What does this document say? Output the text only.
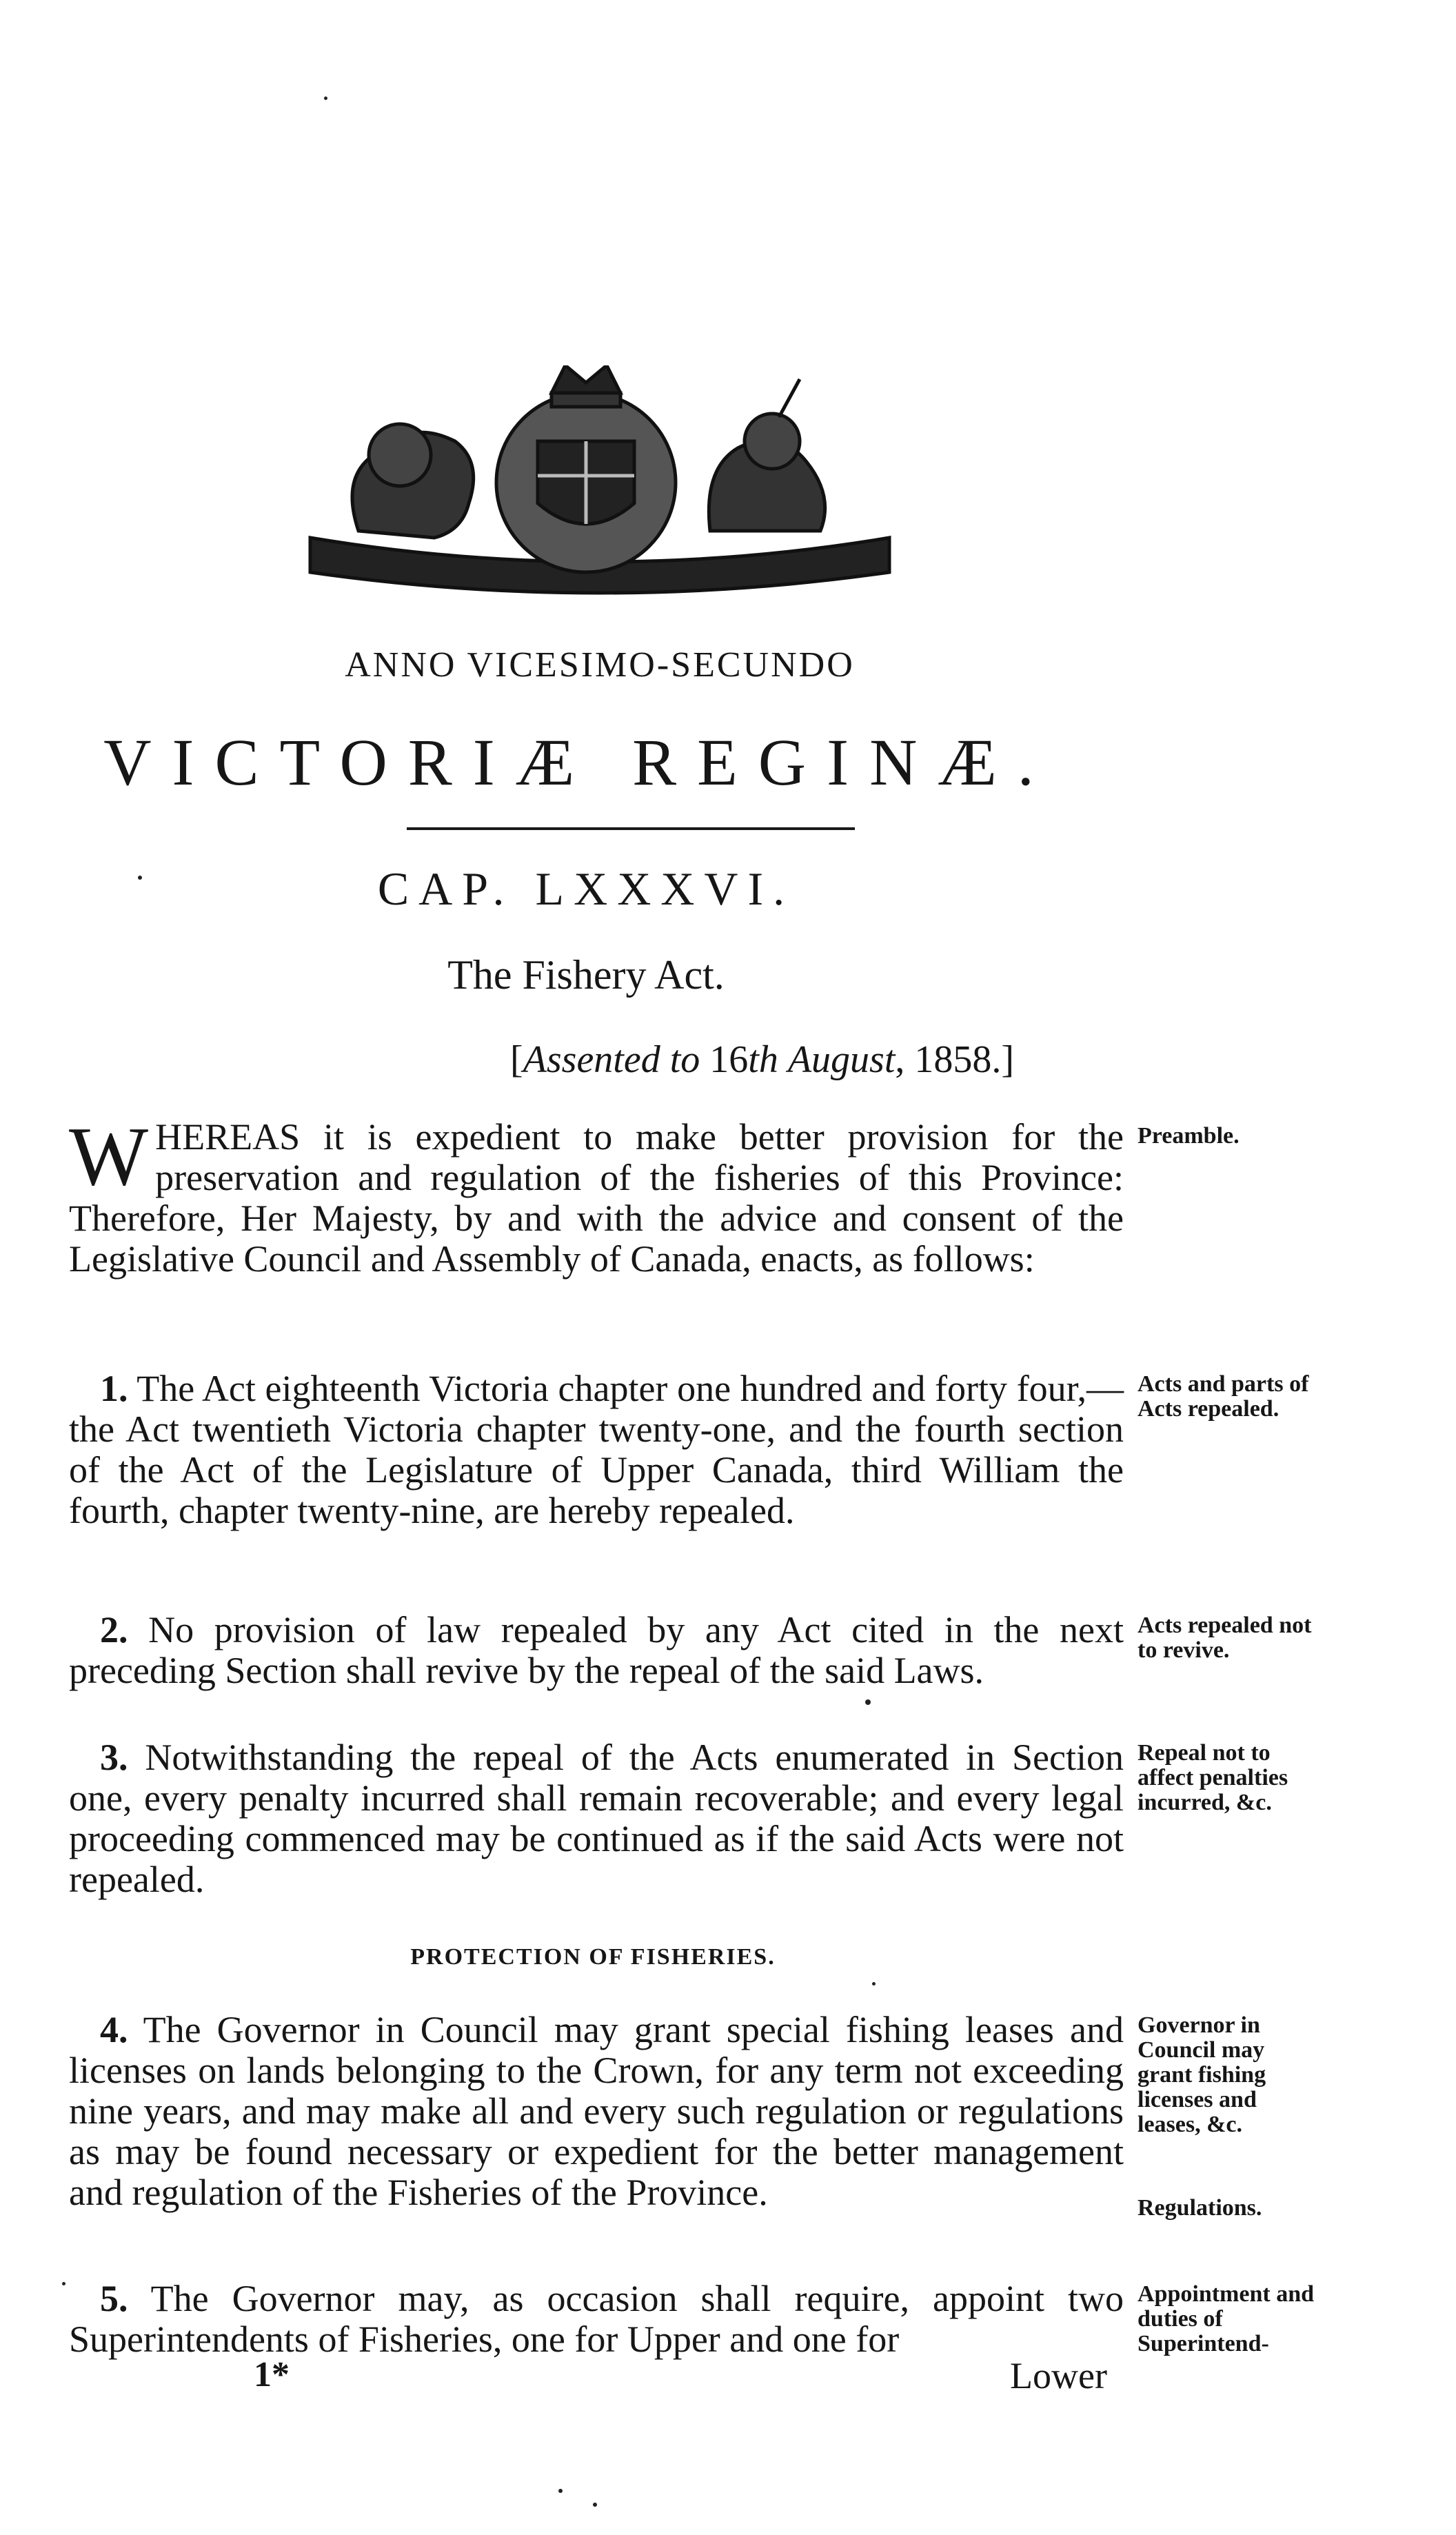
ANNO VICESIMO-SECUNDO
VICTORIÆ REGINÆ.
CAP. LXXXVI.
The Fishery Act.
[Assented to 16th August, 1858.]
WHEREAS it is expedient to make better provision for the preservation and regulation of the fisheries of this Province: Therefore, Her Majesty, by and with the advice and consent of the Legislative Council and Assembly of Canada, enacts, as follows:
Preamble.
1. The Act eighteenth Victoria chapter one hundred and forty four,—the Act twentieth Victoria chapter twenty-one, and the fourth section of the Act of the Legislature of Upper Canada, third William the fourth, chapter twenty-nine, are hereby repealed.
Acts and parts of Acts repealed.
2. No provision of law repealed by any Act cited in the next preceding Section shall revive by the repeal of the said Laws.
Acts repealed not to revive.
3. Notwithstanding the repeal of the Acts enumerated in Section one, every penalty incurred shall remain recoverable; and every legal proceeding commenced may be continued as if the said Acts were not repealed.
Repeal not to affect penalties incurred, &c.
PROTECTION OF FISHERIES.
4. The Governor in Council may grant special fishing leases and licenses on lands belonging to the Crown, for any term not exceeding nine years, and may make all and every such regulation or regulations as may be found necessary or expedient for the better management and regulation of the Fisheries of the Province.
Governor in Council may grant fishing licenses and leases, &c.
Regulations.
5. The Governor may, as occasion shall require, appoint two Superintendents of Fisheries, one for Upper and one for
Appointment and duties of Superintend-
1*	Lower
